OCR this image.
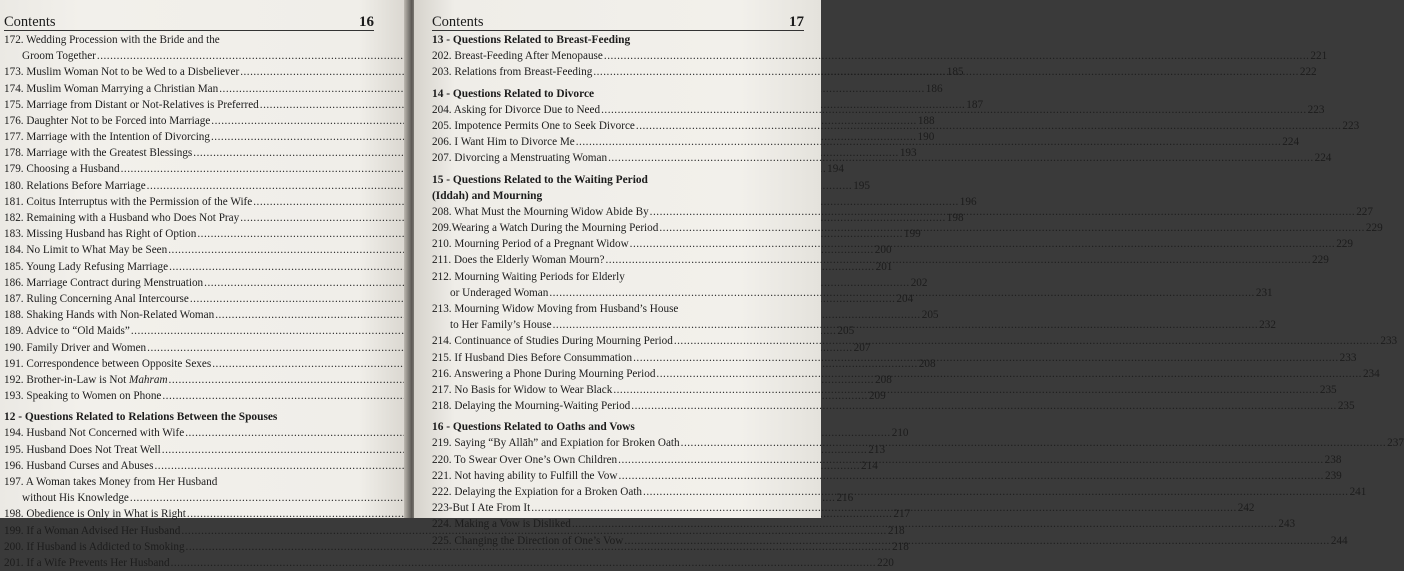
Contents	16
172. Wedding Procession with the Bride and the
Groom Together
.....
173. Muslim Woman Not to be Wed to a Disbeliever .....	185
174. Muslim Woman Marrying a Christian Man .....	186
175. Marriage from Distant or Not-Relatives is Preferred .....	187
176. Daughter Not to be Forced into Marriage .....	188
177. Marriage with the Intention of Divorcing .....	190
178. Marriage with the Greatest Blessings .....	193
179. Choosing a Husband .....	194
180. Relations Before Marriage .....	195
181. Coitus Interruptus with the Permission of the Wife .....	196
182. Remaining with a Husband who Does Not Pray .....	198
183. Missing Husband has Right of Option .....	199
184. No Limit to What May be Seen .....	200
185. Young Lady Refusing Marriage .....	201
186. Marriage Contract during Menstruation .....	202
187. Ruling Concerning Anal Intercourse .....	204
188. Shaking Hands with Non-Related Woman .....	205
189. Advice to “Old Maids” .....	205
190. Family Driver and Women .....	207
191. Correspondence between Opposite Sexes .....	208
192. Brother-in-Law is Not Mahram .....	208
193. Speaking to Women on Phone .....	209
12 - Questions Related to Relations Between the Spouses
194. Husband Not Concerned with Wife .....	210
195. Husband Does Not Treat Well .....	213
196. Husband Curses and Abuses .....	214
197. A Woman takes Money from Her Husband
without His Knowledge .....	216
198. Obedience is Only in What is Right .....	217
199. If a Woman Advised Her Husband .....	218
200. If Husband is Addicted to Smoking .....	218
201. If a Wife Prevents Her Husband .....	220
Contents	17
13 - Questions Related to Breast-Feeding
202. Breast-Feeding After Menopause .....	221
203. Relations from Breast-Feeding .....	222
14 - Questions Related to Divorce
204. Asking for Divorce Due to Need .....	223
205. Impotence Permits One to Seek Divorce .....	223
206. I Want Him to Divorce Me .....	224
207. Divorcing a Menstruating Woman .....	224
15 - Questions Related to the Waiting Period
(Iddah) and Mourning
208. What Must the Mourning Widow Abide By .....	227
209.Wearing a Watch During the Mourning Period .....	229
210. Mourning Period of a Pregnant Widow .....	229
211. Does the Elderly Woman Mourn? .....	229
212. Mourning Waiting Periods for Elderly
or Underaged Woman .....	231
213. Mourning Widow Moving from Husband’s House
to Her Family’s House .....	232
214. Continuance of Studies During Mourning Period .....	233
215. If Husband Dies Before Consummation .....	233
216. Answering a Phone During Mourning Period .....	234
217. No Basis for Widow to Wear Black .....	235
218. Delaying the Mourning-Waiting Period .....	235
16 - Questions Related to Oaths and Vows
219. Saying “By Allāh” and Expiation for Broken Oath .....	237
220. To Swear Over One’s Own Children .....	238
221. Not having ability to Fulfill the Vow .....	239
222. Delaying the Expiation for a Broken Oath .....	241
223-But I Ate From It .....	242
224. Making a Vow is Disliked .....	243
225. Changing the Direction of One’s Vow .....	244
